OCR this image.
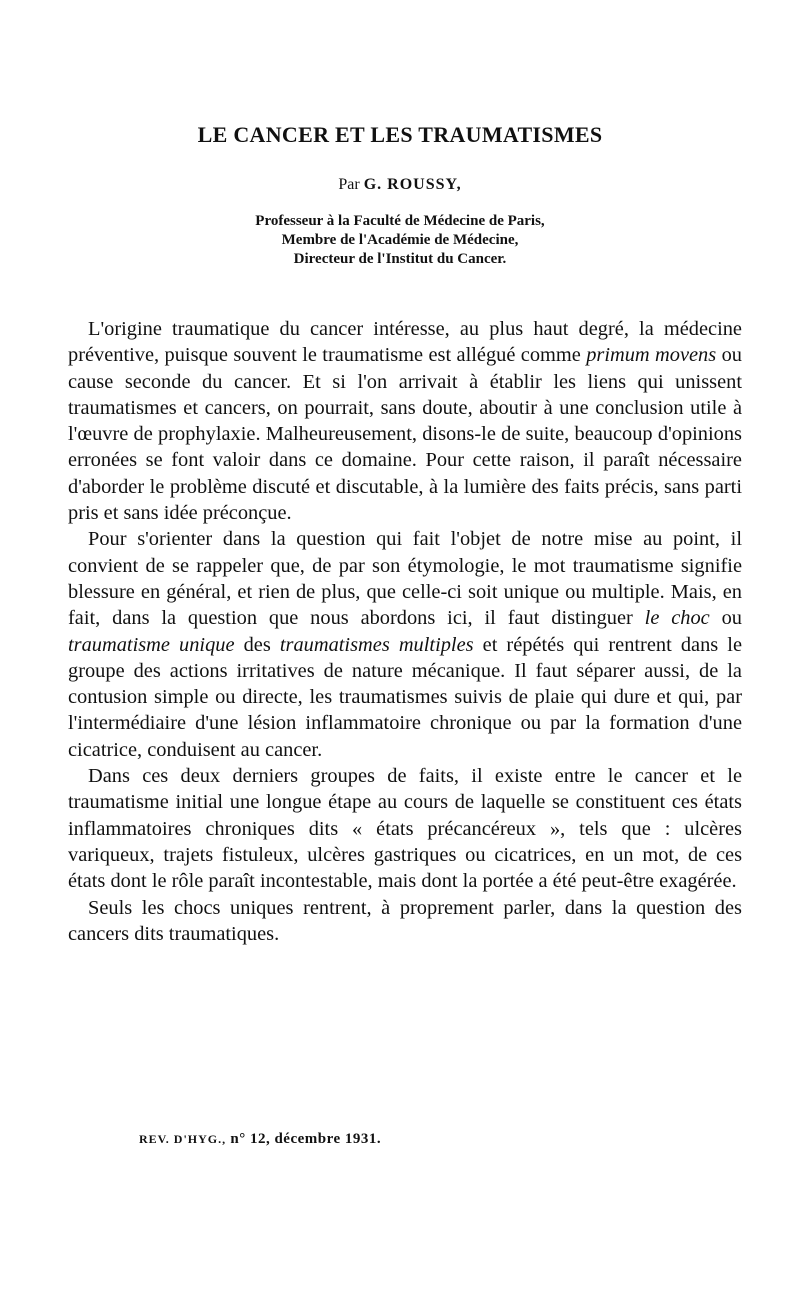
LE CANCER ET LES TRAUMATISMES
Par G. ROUSSY,
Professeur à la Faculté de Médecine de Paris,
Membre de l'Académie de Médecine,
Directeur de l'Institut du Cancer.

L'origine traumatique du cancer intéresse, au plus haut degré, la médecine préventive, puisque souvent le traumatisme est allégué comme primum movens ou cause seconde du cancer. Et si l'on arrivait à établir les liens qui unissent traumatismes et cancers, on pourrait, sans doute, aboutir à une conclusion utile à l'œuvre de prophylaxie. Malheureusement, disons-le de suite, beaucoup d'opinions erronées se font valoir dans ce domaine. Pour cette raison, il paraît nécessaire d'aborder le problème discuté et discutable, à la lumière des faits précis, sans parti pris et sans idée préconçue.

Pour s'orienter dans la question qui fait l'objet de notre mise au point, il convient de se rappeler que, de par son étymologie, le mot traumatisme signifie blessure en général, et rien de plus, que celle-ci soit unique ou multiple. Mais, en fait, dans la question que nous abordons ici, il faut distinguer le choc ou traumatisme unique des traumatismes multiples et répétés qui rentrent dans le groupe des actions irritatives de nature mécanique. Il faut séparer aussi, de la contusion simple ou directe, les traumatismes suivis de plaie qui dure et qui, par l'intermédiaire d'une lésion inflammatoire chronique ou par la formation d'une cicatrice, conduisent au cancer.

Dans ces deux derniers groupes de faits, il existe entre le cancer et le traumatisme initial une longue étape au cours de laquelle se constituent ces états inflammatoires chroniques dits « états précancéreux », tels que : ulcères variqueux, trajets fistuleux, ulcères gastriques ou cicatrices, en un mot, de ces états dont le rôle paraît incontestable, mais dont la portée a été peut-être exagérée.

Seuls les chocs uniques rentrent, à proprement parler, dans la question des cancers dits traumatiques.

REV. D'HYG., n° 12, décembre 1931.
